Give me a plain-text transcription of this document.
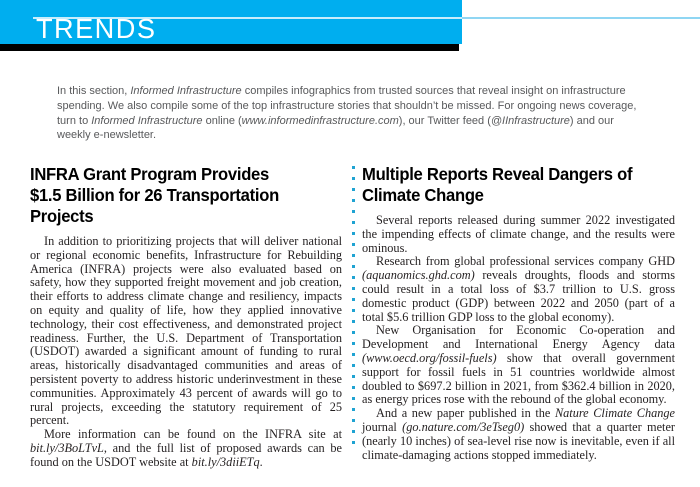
TRENDS
In this section, Informed Infrastructure compiles infographics from trusted sources that reveal insight on infrastructure spending. We also compile some of the top infrastructure stories that shouldn’t be missed. For ongoing news coverage, turn to Informed Infrastructure online (www.informedinfrastructure.com), our Twitter feed (@IInfrastructure) and our weekly e-newsletter.
INFRA Grant Program Provides
$1.5 Billion for 26 Transportation Projects

In addition to prioritizing projects that will deliver national or regional economic benefits, Infrastructure for Rebuilding America (INFRA) projects were also evaluated based on safety, how they supported freight movement and job creation, their efforts to address climate change and resiliency, impacts on equity and quality of life, how they applied innovative technology, their cost effectiveness, and demonstrated project readiness. Further, the U.S. Department of Transportation (USDOT) awarded a significant amount of funding to rural areas, historically disadvantaged communities and areas of persistent poverty to address historic underinvestment in these communities. Approximately 43 percent of awards will go to rural projects, exceeding the statutory requirement of 25 percent.

More information can be found on the INFRA site at bit.ly/3BoLTvL, and the full list of proposed awards can be found on the USDOT website at bit.ly/3diiETq.

Multiple Reports Reveal Dangers of
Climate Change

Several reports released during summer 2022 investigated the impending effects of climate change, and the results were ominous.

Research from global professional services company GHD (aquanomics.ghd.com) reveals droughts, floods and storms could result in a total loss of $3.7 trillion to U.S. gross domestic product (GDP) between 2022 and 2050 (part of a total $5.6 trillion GDP loss to the global economy).

New Organisation for Economic Co-operation and Development and International Energy Agency data (www.oecd.org/fossil-fuels) show that overall government support for fossil fuels in 51 countries worldwide almost doubled to $697.2 billion in 2021, from $362.4 billion in 2020, as energy prices rose with the rebound of the global economy.

And a new paper published in the Nature Climate Change journal (go.nature.com/3eTseg0) showed that a quarter meter (nearly 10 inches) of sea-level rise now is inevitable, even if all climate-damaging actions stopped immediately.
